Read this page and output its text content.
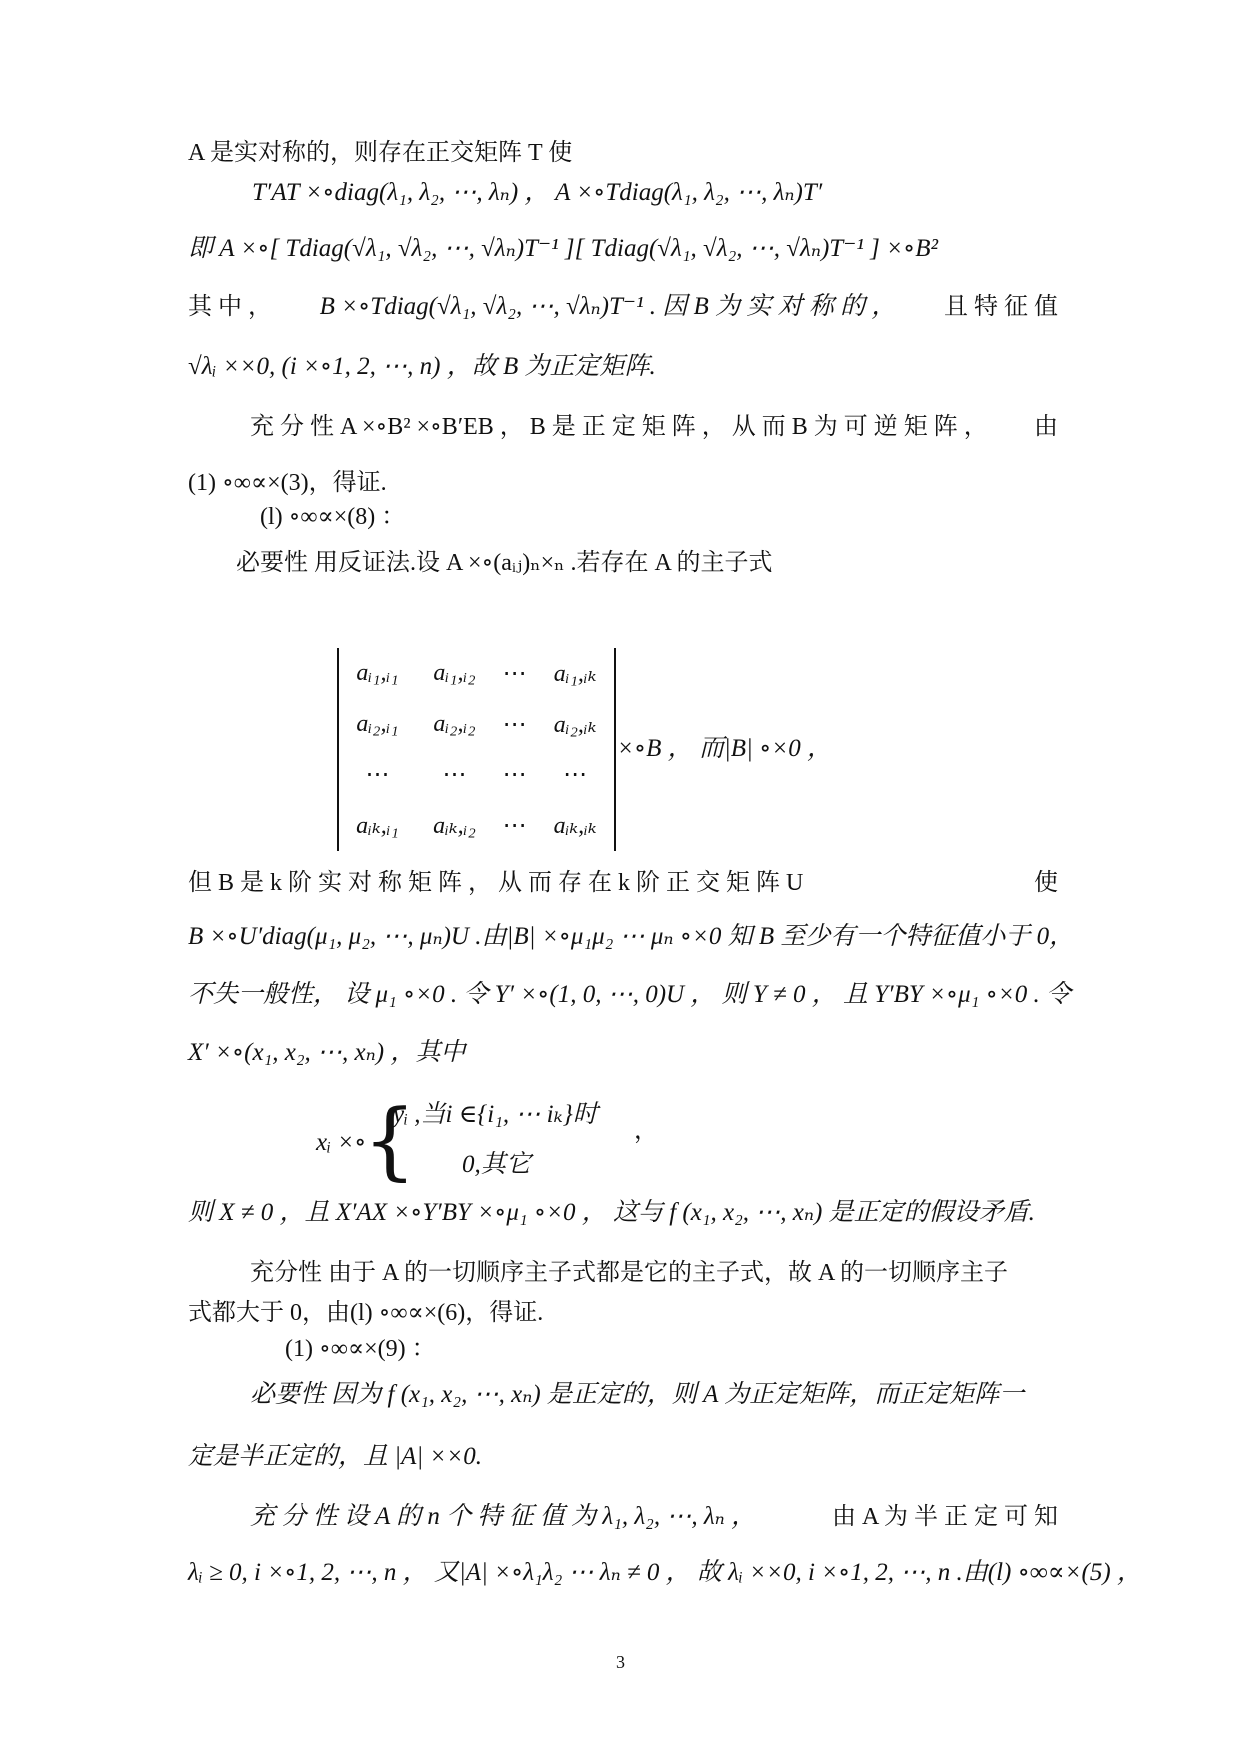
A 是实对称的，则存在正交矩阵 T 使
T′AT ×∘diag(λ₁, λ₂, ⋯, λₙ) ， A ×∘Tdiag(λ₁, λ₂, ⋯, λₙ)T′
即 A ×∘[ Tdiag(√λ₁, √λ₂, ⋯, √λₙ)T⁻¹ ][ Tdiag(√λ₁, √λ₂, ⋯, √λₙ)T⁻¹ ] ×∘B²
其 中 ， B ×∘Tdiag(√λ₁, √λ₂, ⋯, √λₙ)T⁻¹ . 因 B 为 实 对 称 的 ， 且 特 征 值
√λᵢ ××0, (i ×∘1, 2, ⋯, n) ，故 B 为正定矩阵.
充 分 性 A ×∘B² ×∘B′EB ， B 是 正 定 矩 阵 ， 从 而 B 为 可 逆 矩 阵 ， 由
(1) ∘∞∝×(3)，得证.
(l) ∘∞∝×(8) ：
必要性 用反证法.设 A ×∘(aᵢⱼ)ₙ×ₙ .若存在 A 的主子式
aᵢ₁,ᵢ₁	aᵢ₁,ᵢ₂	⋯	aᵢ₁,ᵢₖ
aᵢ₂,ᵢ₁	aᵢ₂,ᵢ₂	⋯	aᵢ₂,ᵢₖ
⋯	⋯	⋯	⋯
aᵢₖ,ᵢ₁	aᵢₖ,ᵢ₂	⋯	aᵢₖ,ᵢₖ
×∘B ， 而|B| ∘×0 ，
但 B 是 k 阶 实 对 称 矩 阵 ， 从 而 存 在 k 阶 正 交 矩 阵 U	使
B ×∘U′diag(μ₁, μ₂, ⋯, μₙ)U .由|B| ×∘μ₁μ₂ ⋯ μₙ ∘×0 知 B 至少有一个特征值小于 0，
不失一般性， 设 μ₁ ∘×0 . 令 Y′ ×∘(1, 0, ⋯, 0)U ， 则 Y ≠ 0 ， 且 Y′BY ×∘μ₁ ∘×0 . 令
X′ ×∘(x₁, x₂, ⋯, xₙ) ，其中
xᵢ ×∘
{
yᵢ ,当i ∈{i₁, ⋯ iₖ}时
0,其它
，
则 X ≠ 0 ，且 X′AX ×∘Y′BY ×∘μ₁ ∘×0 ， 这与 f (x₁, x₂, ⋯, xₙ) 是正定的假设矛盾.
充分性 由于 A 的一切顺序主子式都是它的主子式，故 A 的一切顺序主子
式都大于 0，由(l) ∘∞∝×(6)，得证.
(1) ∘∞∝×(9) ：
必要性 因为 f (x₁, x₂, ⋯, xₙ) 是正定的，则 A 为正定矩阵，而正定矩阵一
定是半正定的，且 |A| ××0.
充 分 性 设 A 的 n 个 特 征 值 为 λ₁, λ₂, ⋯, λₙ ，	由 A 为 半 正 定 可 知
λᵢ ≥ 0, i ×∘1, 2, ⋯, n ， 又|A| ×∘λ₁λ₂ ⋯ λₙ ≠ 0 ， 故 λᵢ ××0, i ×∘1, 2, ⋯, n .由(l) ∘∞∝×(5) ，
3
